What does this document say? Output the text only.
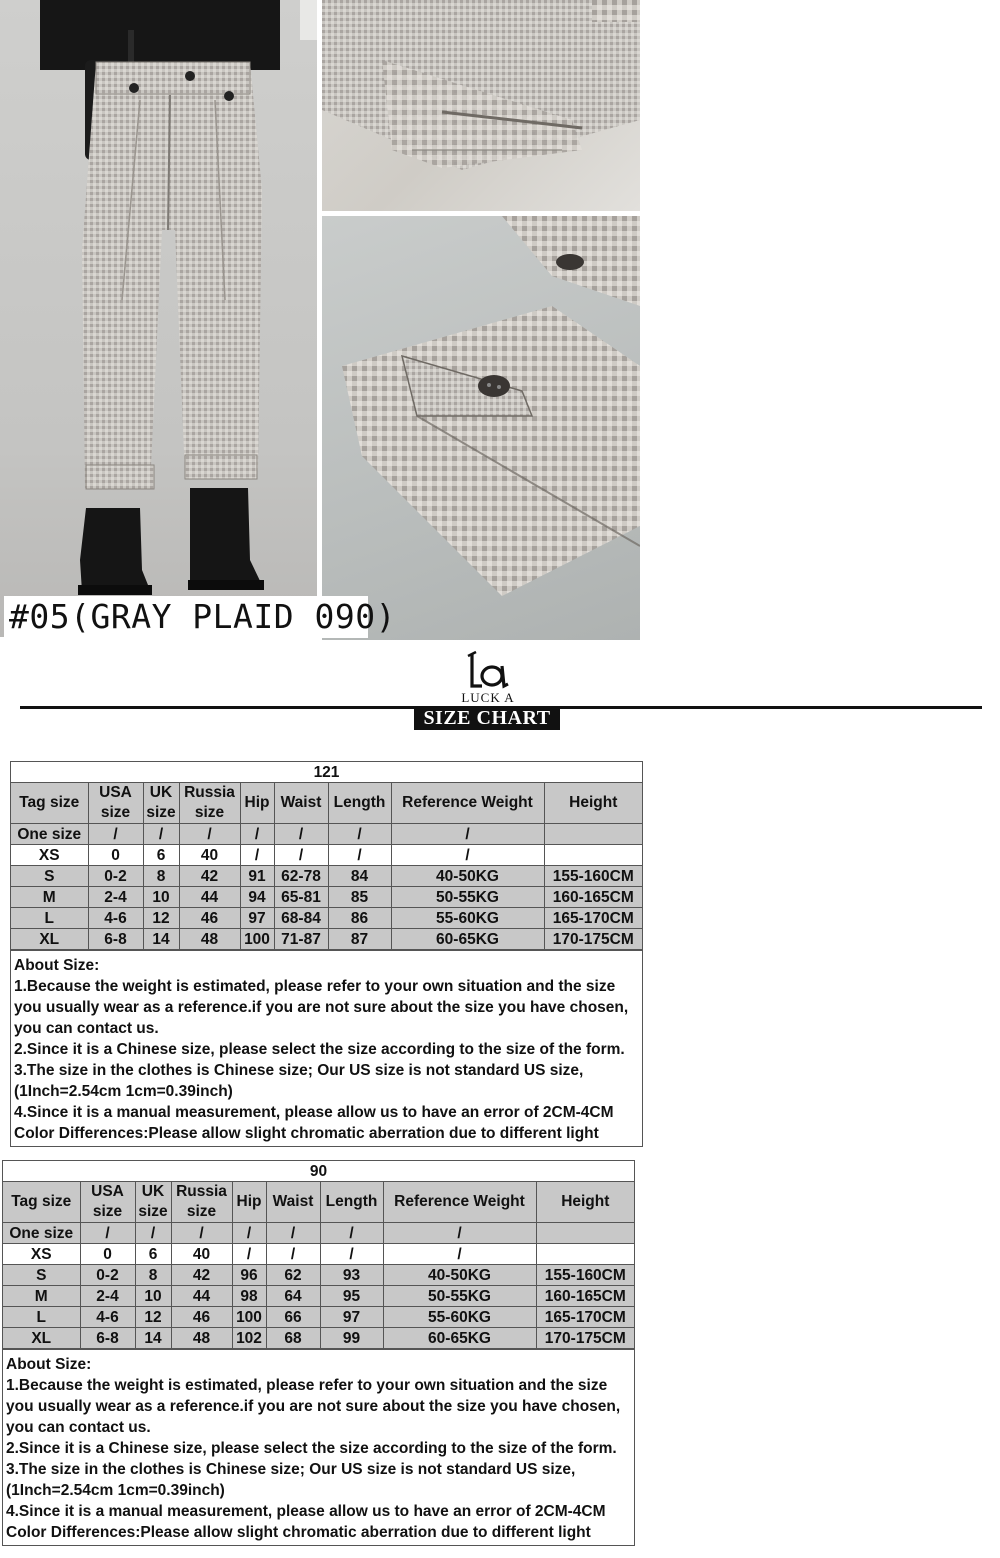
#05(GRAY PLAID 090)
LUCK A
SIZE CHART
121								
Tag size	USA size	UK size	Russia size	Hip	Waist	Length	Reference Weight	Height
One size	/	/	/	/	/	/	/	
XS	0	6	40	/	/	/	/	
S	0-2	8	42	91	62-78	84	40-50KG	155-160CM
M	2-4	10	44	94	65-81	85	50-55KG	160-165CM
L	4-6	12	46	97	68-84	86	55-60KG	165-170CM
XL	6-8	14	48	100	71-87	87	60-65KG	170-175CM
About Size:
1.Because the weight is estimated, please refer to your own situation and the size you usually wear as a reference.if you are not sure about the size you have chosen, you can contact us.
2.Since it is a Chinese size, please select the size according to the size of the form.
3.The size in the clothes is Chinese size; Our US size is not standard US size,(1Inch=2.54cm 1cm=0.39inch)
4.Since it is a manual measurement, please allow us to have an error of 2CM-4CM
Color Differences:Please allow slight chromatic aberration due to different light
90								
Tag size	USA size	UK size	Russia size	Hip	Waist	Length	Reference Weight	Height
One size	/	/	/	/	/	/	/	
XS	0	6	40	/	/	/	/	
S	0-2	8	42	96	62	93	40-50KG	155-160CM
M	2-4	10	44	98	64	95	50-55KG	160-165CM
L	4-6	12	46	100	66	97	55-60KG	165-170CM
XL	6-8	14	48	102	68	99	60-65KG	170-175CM
About Size:
1.Because the weight is estimated, please refer to your own situation and the size you usually wear as a reference.if you are not sure about the size you have chosen, you can contact us.
2.Since it is a Chinese size, please select the size according to the size of the form.
3.The size in the clothes is Chinese size; Our US size is not standard US size,(1Inch=2.54cm 1cm=0.39inch)
4.Since it is a manual measurement, please allow us to have an error of 2CM-4CM
Color Differences:Please allow slight chromatic aberration due to different light
